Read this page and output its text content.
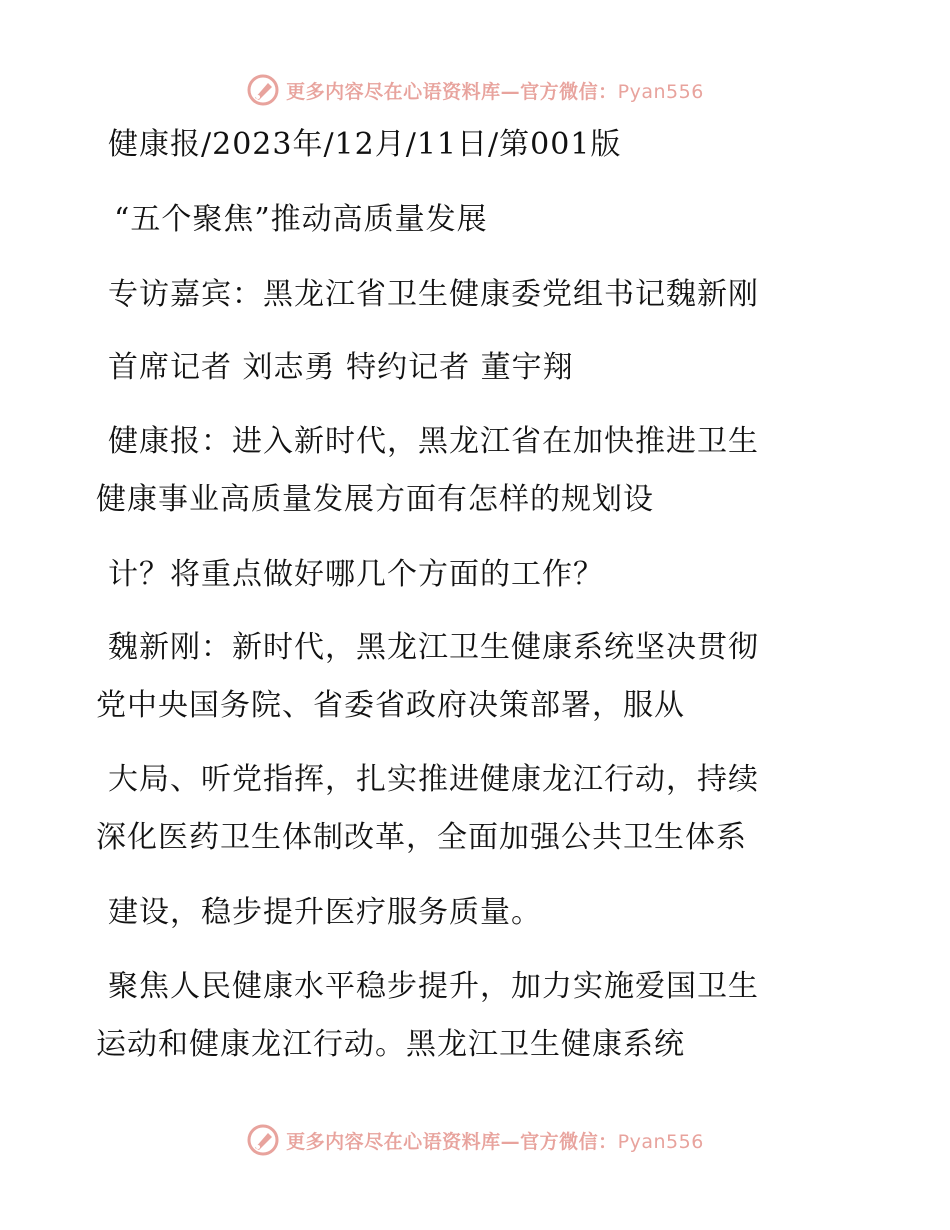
更多内容尽在心语资料库—官方微信：Pyan556
健康报/2023年/12月/11日/第001版
“五个聚焦”推动高质量发展
专访嘉宾：黑龙江省卫生健康委党组书记魏新刚
首席记者 刘志勇 特约记者 董宇翔
健康报：进入新时代，黑龙江省在加快推进卫生
健康事业高质量发展方面有怎样的规划设
计？将重点做好哪几个方面的工作？
魏新刚：新时代，黑龙江卫生健康系统坚决贯彻
党中央国务院、省委省政府决策部署，服从
大局、听党指挥，扎实推进健康龙江行动，持续
深化医药卫生体制改革，全面加强公共卫生体系
建设，稳步提升医疗服务质量。
聚焦人民健康水平稳步提升，加力实施爱国卫生
运动和健康龙江行动。黑龙江卫生健康系统
更多内容尽在心语资料库—官方微信：Pyan556
